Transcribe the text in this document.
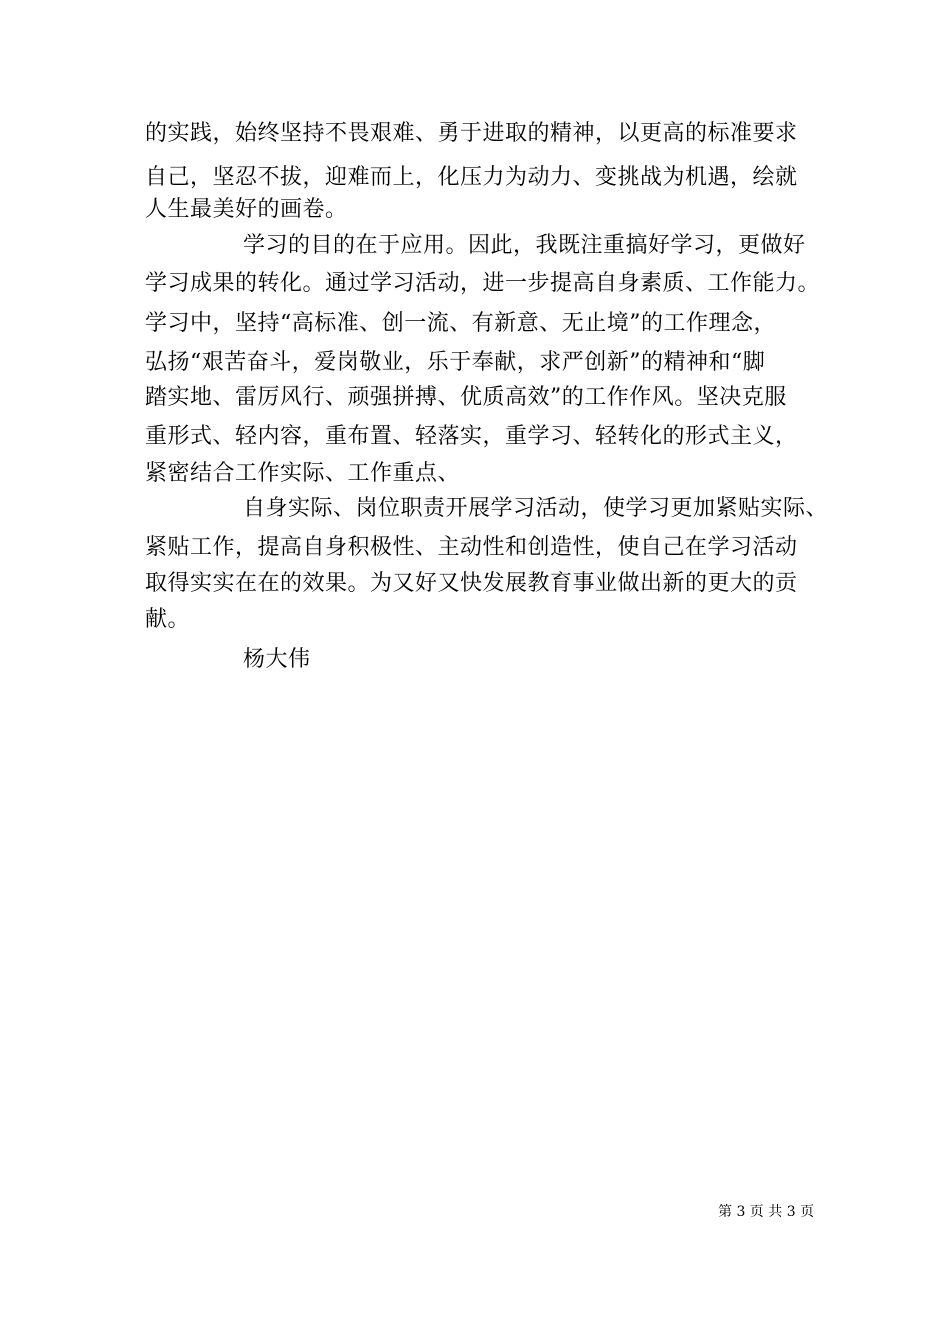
的实践，始终坚持不畏艰难、勇于进取的精神，以更高的标准要求
自己，坚忍不拔，迎难而上，化压力为动力、变挑战为机遇，绘就
人生最美好的画卷。
学习的目的在于应用。因此，我既注重搞好学习，更做好
学习成果的转化。通过学习活动，进一步提高自身素质、工作能力。
学习中，坚持“高标准、创一流、有新意、无止境”的工作理念，
弘扬“艰苦奋斗，爱岗敬业，乐于奉献，求严创新”的精神和“脚
踏实地、雷厉风行、顽强拼搏、优质高效”的工作作风。坚决克服
重形式、轻内容，重布置、轻落实，重学习、轻转化的形式主义，
紧密结合工作实际、工作重点、
自身实际、岗位职责开展学习活动，使学习更加紧贴实际、
紧贴工作，提高自身积极性、主动性和创造性，使自己在学习活动
取得实实在在的效果。为又好又快发展教育事业做出新的更大的贡
献。
杨大伟
第 3 页 共 3 页
